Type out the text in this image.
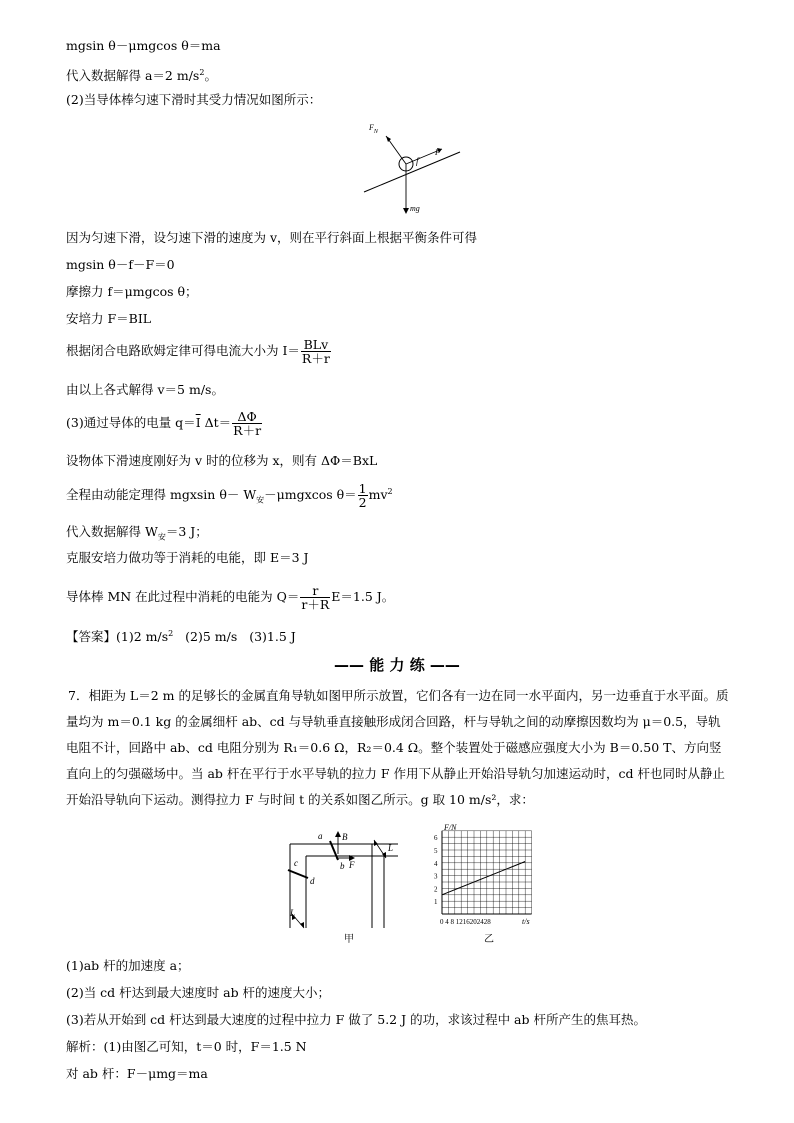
mgsin θ－μmgcos θ＝ma
代入数据解得 a＝2 $m/s^2$。
(2)当导体棒匀速下滑时其受力情况如图所示：
$F_N$
f
F
mg
因为匀速下滑，设匀速下滑的速度为 v，则在平行斜面上根据平衡条件可得
mgsin θ－f－F＝0
摩擦力 f＝μmgcos θ；
安培力 F＝BIL
根据闭合电路欧姆定律可得电流大小为 $I= \frac{\text{BLv}}{R+r}$
由以上各式解得 v＝5 m/s。
(3)通过导体的电量 $q=\overline{I}$ $\Delta t= \frac{\Delta\Phi}{R+r}$
设物体下滑速度刚好为 v 时的位移为 x，则有 ΔΦ＝BxL
全程由动能定理得 mgxsin $\theta- W_安-\mu mgxcos$ $\theta= \frac{1}{2} mv^2$
代入数据解得 $W_安=3$ J；
克服安培力做功等于消耗的电能，即 E＝3 J
导体棒 MN 在此过程中消耗的电能为 $Q= \frac{r}{r+R} E=1.5$ J。
【答案】(1)2 $m/s^2$ (2)5 m/s (3)1.5 J
—— 能 力 练 ——
7．相距为 L＝2 m 的足够长的金属直角导轨如图甲所示放置，它们各有一边在同一水平面内，另一边垂直于水平面。质量均为 m＝0.1 kg 的金属细杆 ab、cd 与导轨垂直接触形成闭合回路，杆与导轨之间的动摩擦因数均为 μ＝0.5，导轨电阻不计，回路中 ab、cd 电阻分别为 R₁＝0.6 Ω，R₂＝0.4 Ω。整个装置处于磁感应强度大小为 B＝0.50 T、方向竖直向上的匀强磁场中。当 ab 杆在平行于水平导轨的拉力 F 作用下从静止开始沿导轨匀加速运动时，cd 杆也同时从静止开始沿导轨向下运动。测得拉力 F 与时间 t 的关系如图乙所示。g 取 10 m/s²，求：
a
b
c
d
B
F
L
L
甲
1
2
3
4
5
6
F/N
0 4 8 1216202428	t/s
乙
(1)ab 杆的加速度 a；
(2)当 cd 杆达到最大速度时 ab 杆的速度大小；
(3)若从开始到 cd 杆达到最大速度的过程中拉力 F 做了 5.2 J 的功，求该过程中 ab 杆所产生的焦耳热。
解析：(1)由图乙可知，t＝0 时，F＝1.5 N
对 ab 杆：F－μmg＝ma
